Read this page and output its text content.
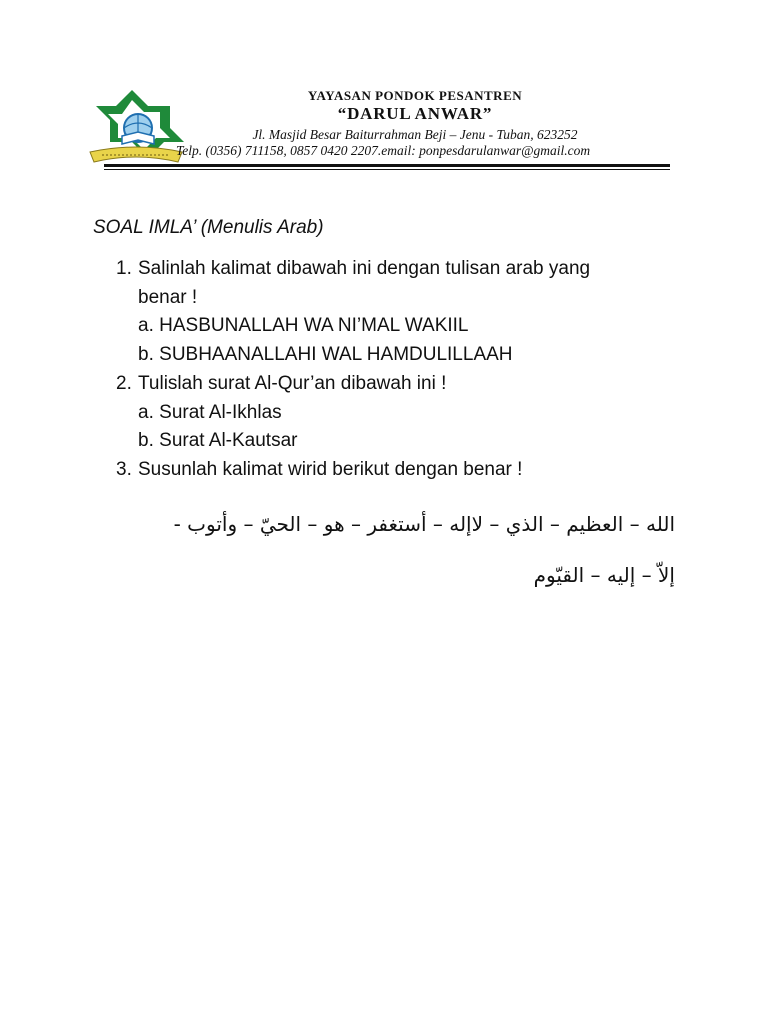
YAYASAN PONDOK PESANTREN
“DARUL ANWAR”
Jl. Masjid Besar Baiturrahman Beji – Jenu - Tuban, 623252
Telp. (0356) 711158, 0857 0420 2207.email: ponpesdarulanwar@gmail.com
SOAL IMLA’ (Menulis Arab)
1. Salinlah kalimat dibawah ini dengan tulisan arab yang
benar !
a. HASBUNALLAH WA NI’MAL WAKIIL
b. SUBHAANALLAHI WAL HAMDULILLAAH
2. Tulislah surat Al-Qur’an dibawah ini !
a. Surat Al-Ikhlas
b. Surat Al-Kautsar
3. Susunlah kalimat wirid berikut dengan benar !
الله – العظيم – الذي – لاإله – أستغفر – هو – الحيّ – وأتوب -
إلاّ – إليه – القيّوم
